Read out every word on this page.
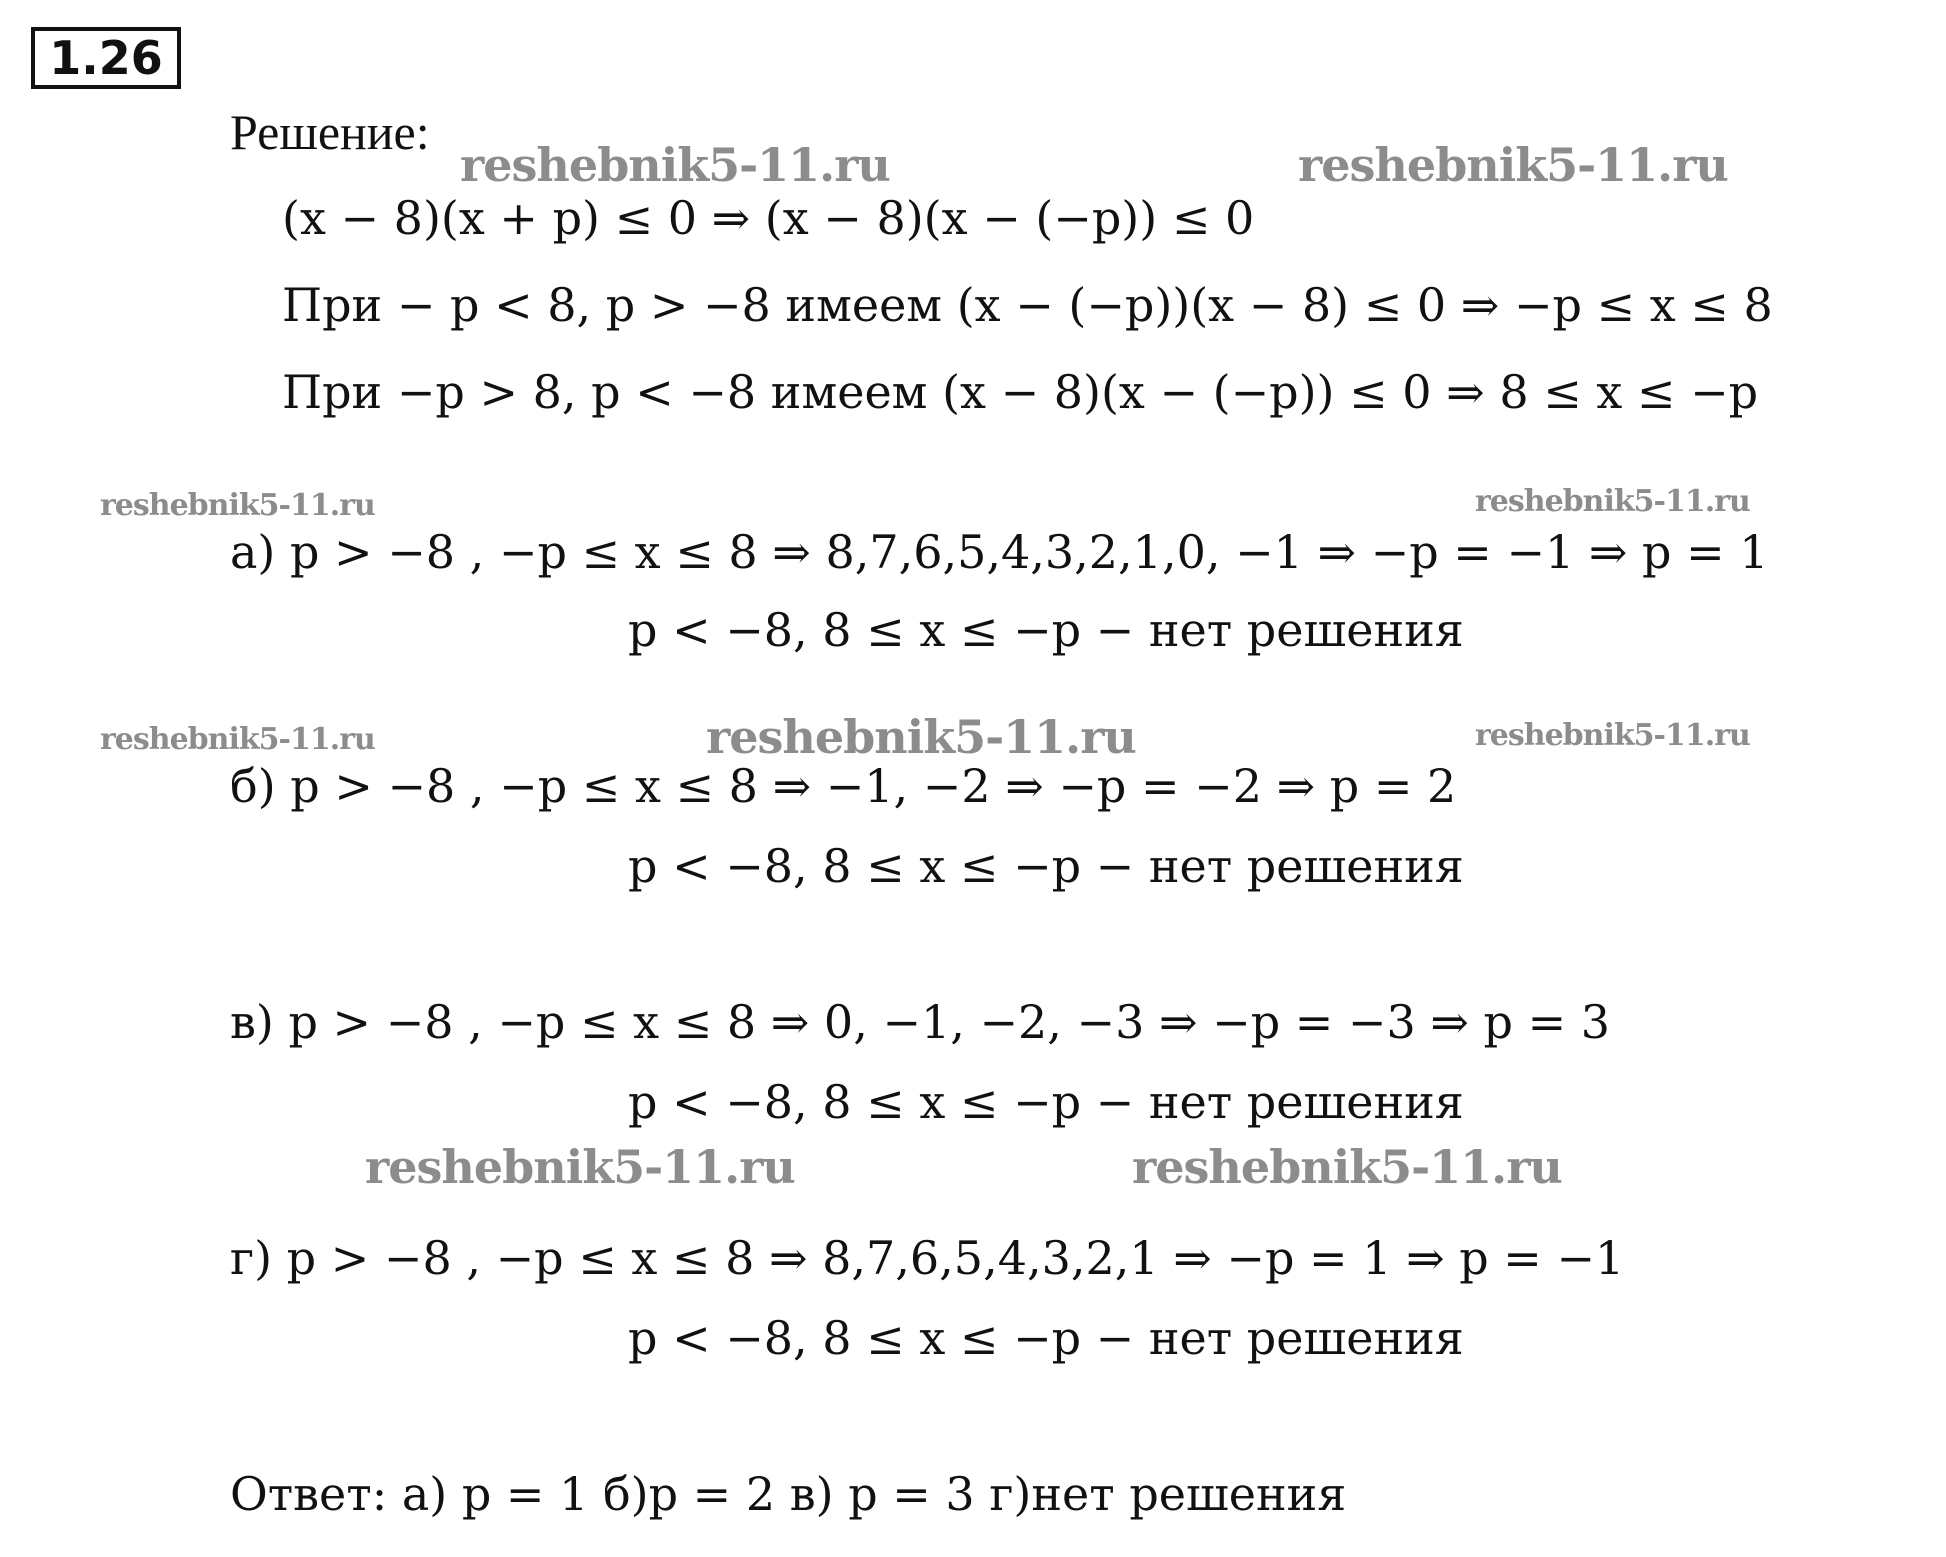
1.26
Решение:
reshebnik5-11.ru	reshebnik5-11.ru
reshebnik5-11.ru	reshebnik5-11.ru
reshebnik5-11.ru	reshebnik5-11.ru	reshebnik5-11.ru
reshebnik5-11.ru	reshebnik5-11.ru
(x − 8)(x + p) ≤ 0 ⇒ (x − 8)(x − (−p)) ≤ 0
При − p < 8, p > −8 имеем (x − (−p))(x − 8) ≤ 0 ⇒ −p ≤ x ≤ 8
При −p > 8, p < −8 имеем (x − 8)(x − (−p)) ≤ 0 ⇒ 8 ≤ x ≤ −p
а) p > −8 , −p ≤ x ≤ 8 ⇒ 8,7,6,5,4,3,2,1,0, −1 ⇒ −p = −1 ⇒ p = 1
p < −8, 8 ≤ x ≤ −p − нет решения
б) p > −8 , −p ≤ x ≤ 8 ⇒ −1, −2 ⇒ −p = −2 ⇒ p = 2
p < −8, 8 ≤ x ≤ −p − нет решения
в) p > −8 , −p ≤ x ≤ 8 ⇒ 0, −1, −2, −3 ⇒ −p = −3 ⇒ p = 3
p < −8, 8 ≤ x ≤ −p − нет решения
г) p > −8 , −p ≤ x ≤ 8 ⇒ 8,7,6,5,4,3,2,1 ⇒ −p = 1 ⇒ p = −1
p < −8, 8 ≤ x ≤ −p − нет решения
Ответ: а) p = 1 б)p = 2 в) p = 3 г)нет решения
